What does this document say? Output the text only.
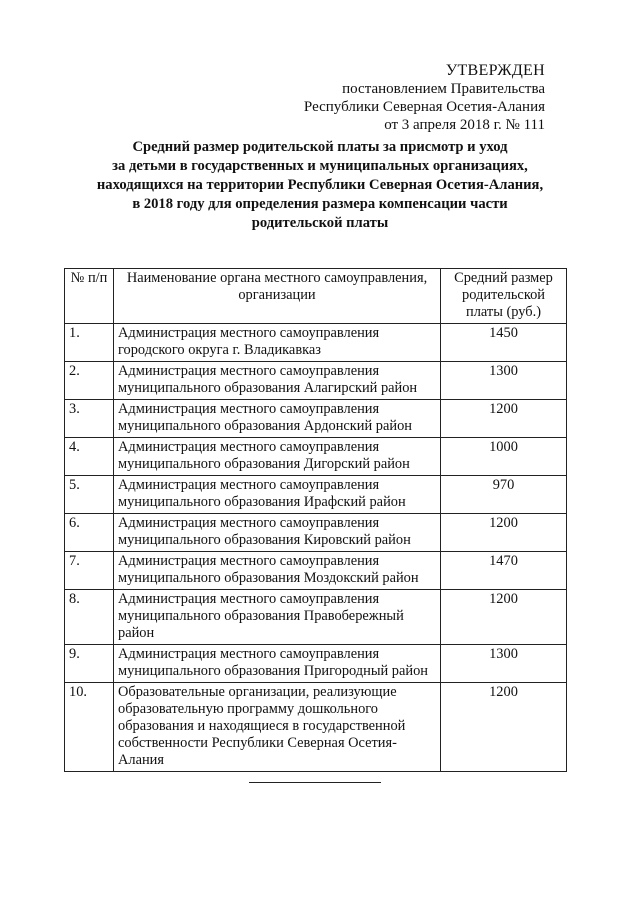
УТВЕРЖДЕН
постановлением Правительства
Республики Северная Осетия-Алания
от 3 апреля 2018 г. № 111
Средний размер родительской платы за присмотр и уход
за детьми в государственных и муниципальных организациях,
находящихся на территории Республики Северная Осетия-Алания,
в 2018 году для определения размера компенсации части
родительской платы
№ п/п	Наименование органа местного самоуправления, организации	Средний размер родительской платы (руб.)
1.	Администрация местного самоуправления городского округа г. Владикавказ	1450
2.	Администрация местного самоуправления муниципального образования Алагирский район	1300
3.	Администрация местного самоуправления муниципального образования Ардонский район	1200
4.	Администрация местного самоуправления муниципального образования Дигорский район	1000
5.	Администрация местного самоуправления муниципального образования Ирафский район	970
6.	Администрация местного самоуправления муниципального образования Кировский район	1200
7.	Администрация местного самоуправления муниципального образования Моздокский район	1470
8.	Администрация местного самоуправления муниципального образования Правобережный район	1200
9.	Администрация местного самоуправления муниципального образования Пригородный район	1300
10.	Образовательные организации, реализующие образовательную программу дошкольного образования и находящиеся в государственной собственности Республики Северная Осетия-Алания	1200
